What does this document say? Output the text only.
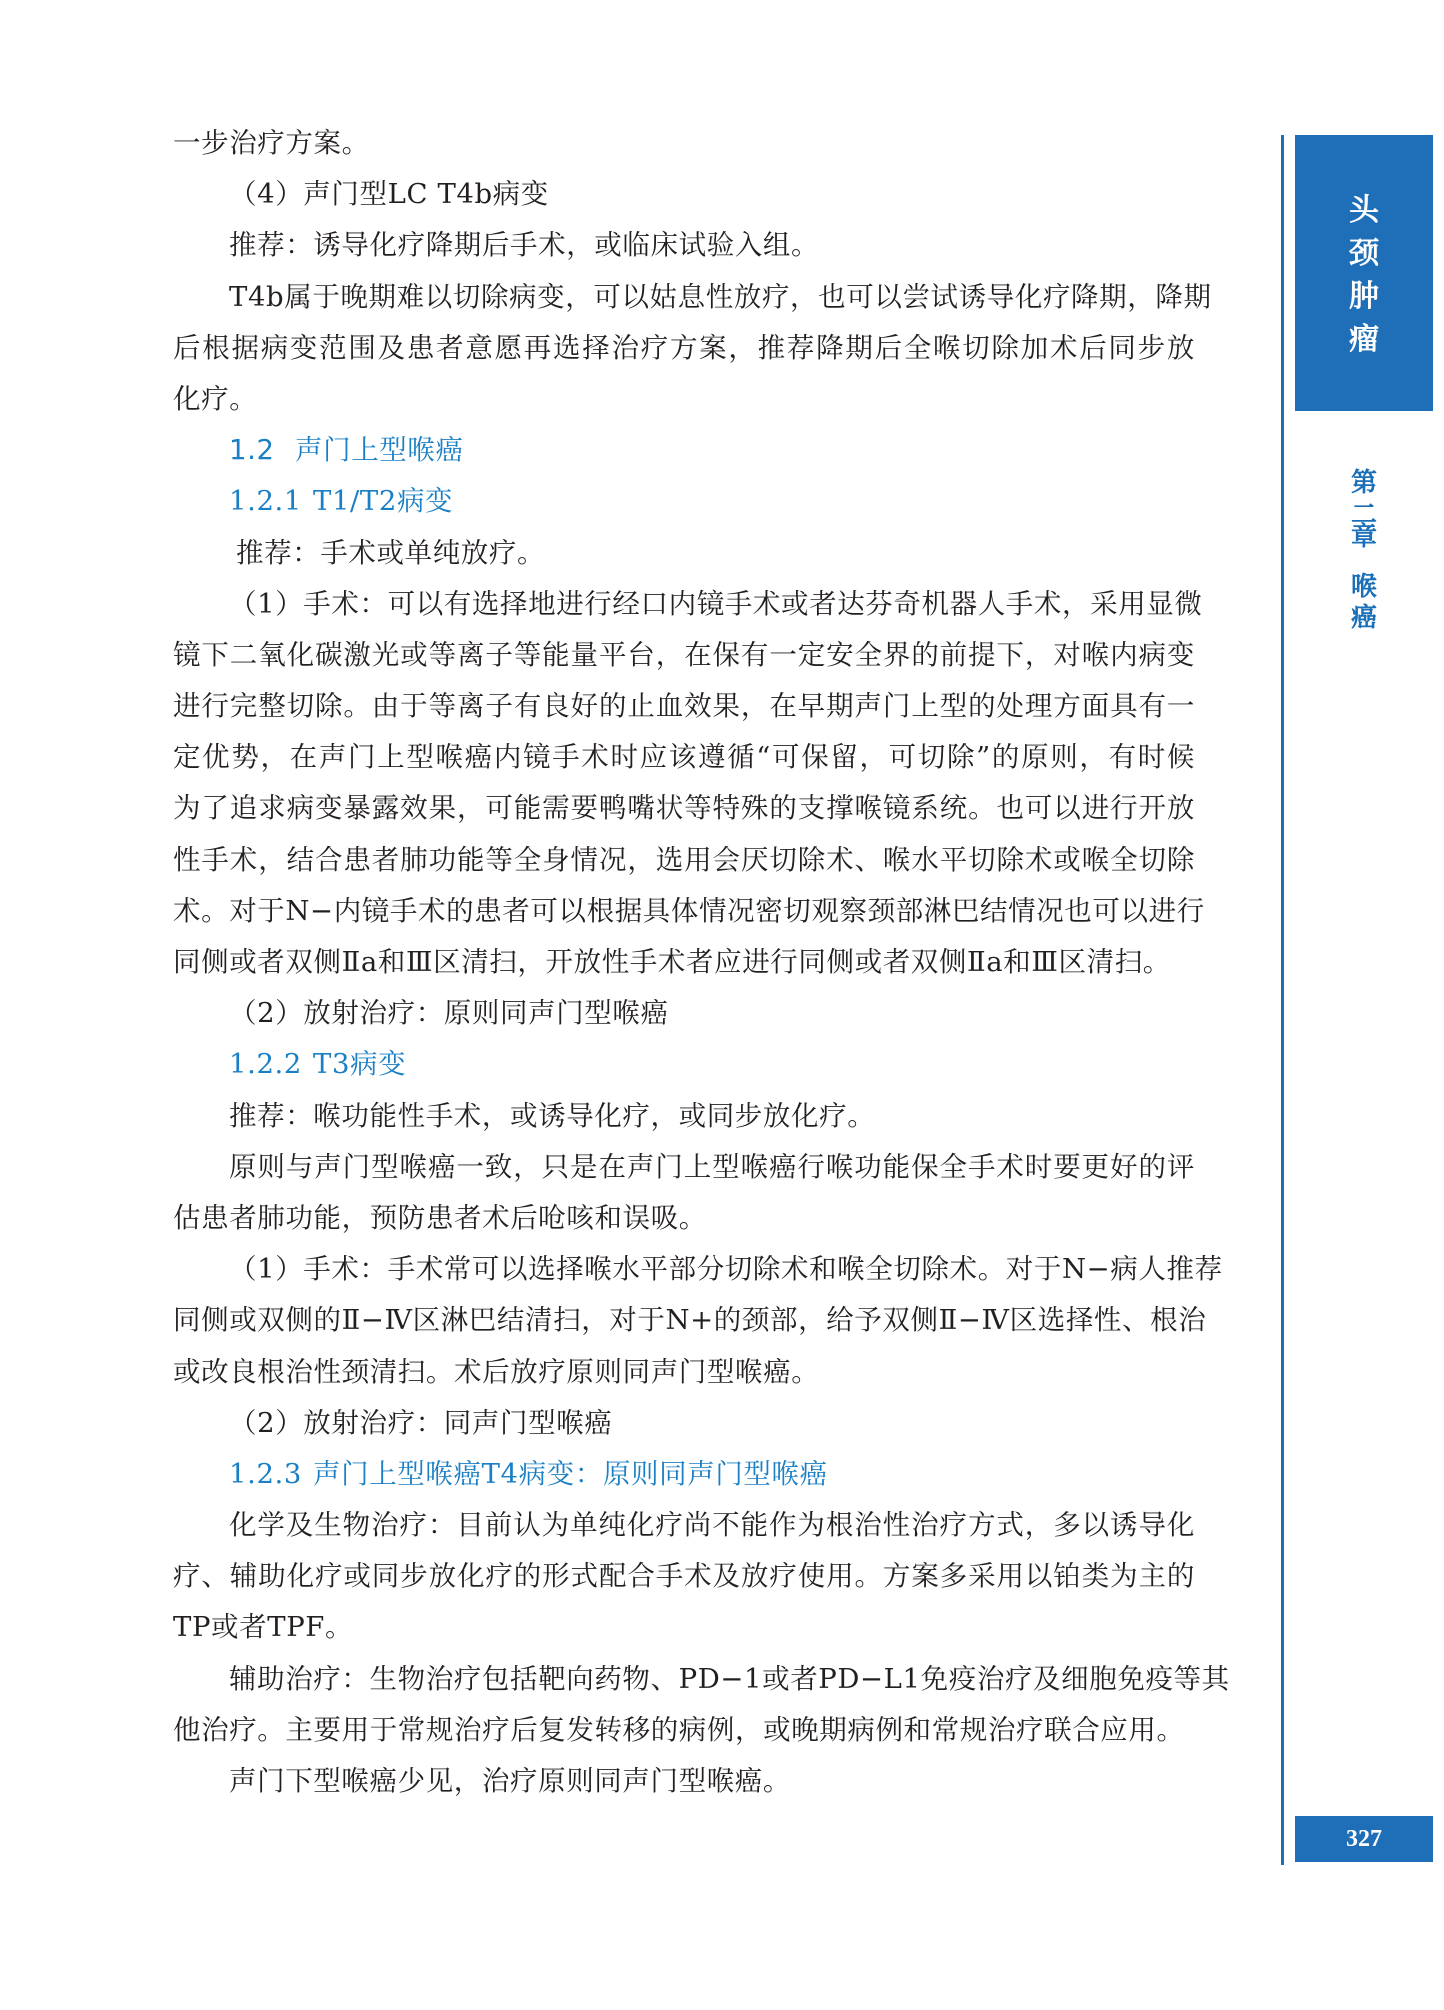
一步治疗方案。
（4）声门型LC T4b病变
推荐：诱导化疗降期后手术，或临床试验入组。
T4b属于晚期难以切除病变，可以姑息性放疗，也可以尝试诱导化疗降期，降期
后根据病变范围及患者意愿再选择治疗方案，推荐降期后全喉切除加术后同步放
化疗。
1.2 声门上型喉癌
1.2.1 T1/T2病变
推荐：手术或单纯放疗。
（1）手术：可以有选择地进行经口内镜手术或者达芬奇机器人手术，采用显微
镜下二氧化碳激光或等离子等能量平台，在保有一定安全界的前提下，对喉内病变
进行完整切除。由于等离子有良好的止血效果，在早期声门上型的处理方面具有一
定优势，在声门上型喉癌内镜手术时应该遵循“可保留，可切除”的原则，有时候
为了追求病变暴露效果，可能需要鸭嘴状等特殊的支撑喉镜系统。也可以进行开放
性手术，结合患者肺功能等全身情况，选用会厌切除术、喉水平切除术或喉全切除
术。对于N−内镜手术的患者可以根据具体情况密切观察颈部淋巴结情况也可以进行
同侧或者双侧Ⅱa和Ⅲ区清扫，开放性手术者应进行同侧或者双侧Ⅱa和Ⅲ区清扫。
（2）放射治疗：原则同声门型喉癌
1.2.2 T3病变
推荐：喉功能性手术，或诱导化疗，或同步放化疗。
原则与声门型喉癌一致，只是在声门上型喉癌行喉功能保全手术时要更好的评
估患者肺功能，预防患者术后呛咳和误吸。
（1）手术：手术常可以选择喉水平部分切除术和喉全切除术。对于N−病人推荐
同侧或双侧的Ⅱ−Ⅳ区淋巴结清扫，对于N+的颈部，给予双侧Ⅱ−Ⅳ区选择性、根治
或改良根治性颈清扫。术后放疗原则同声门型喉癌。
（2）放射治疗：同声门型喉癌
1.2.3 声门上型喉癌T4病变：原则同声门型喉癌
化学及生物治疗：目前认为单纯化疗尚不能作为根治性治疗方式，多以诱导化
疗、辅助化疗或同步放化疗的形式配合手术及放疗使用。方案多采用以铂类为主的
TP或者TPF。
辅助治疗：生物治疗包括靶向药物、PD−1或者PD−L1免疫治疗及细胞免疫等其
他治疗。主要用于常规治疗后复发转移的病例，或晚期病例和常规治疗联合应用。
声门下型喉癌少见，治疗原则同声门型喉癌。
头
颈
肿
瘤
第
二
章
喉
癌
327
